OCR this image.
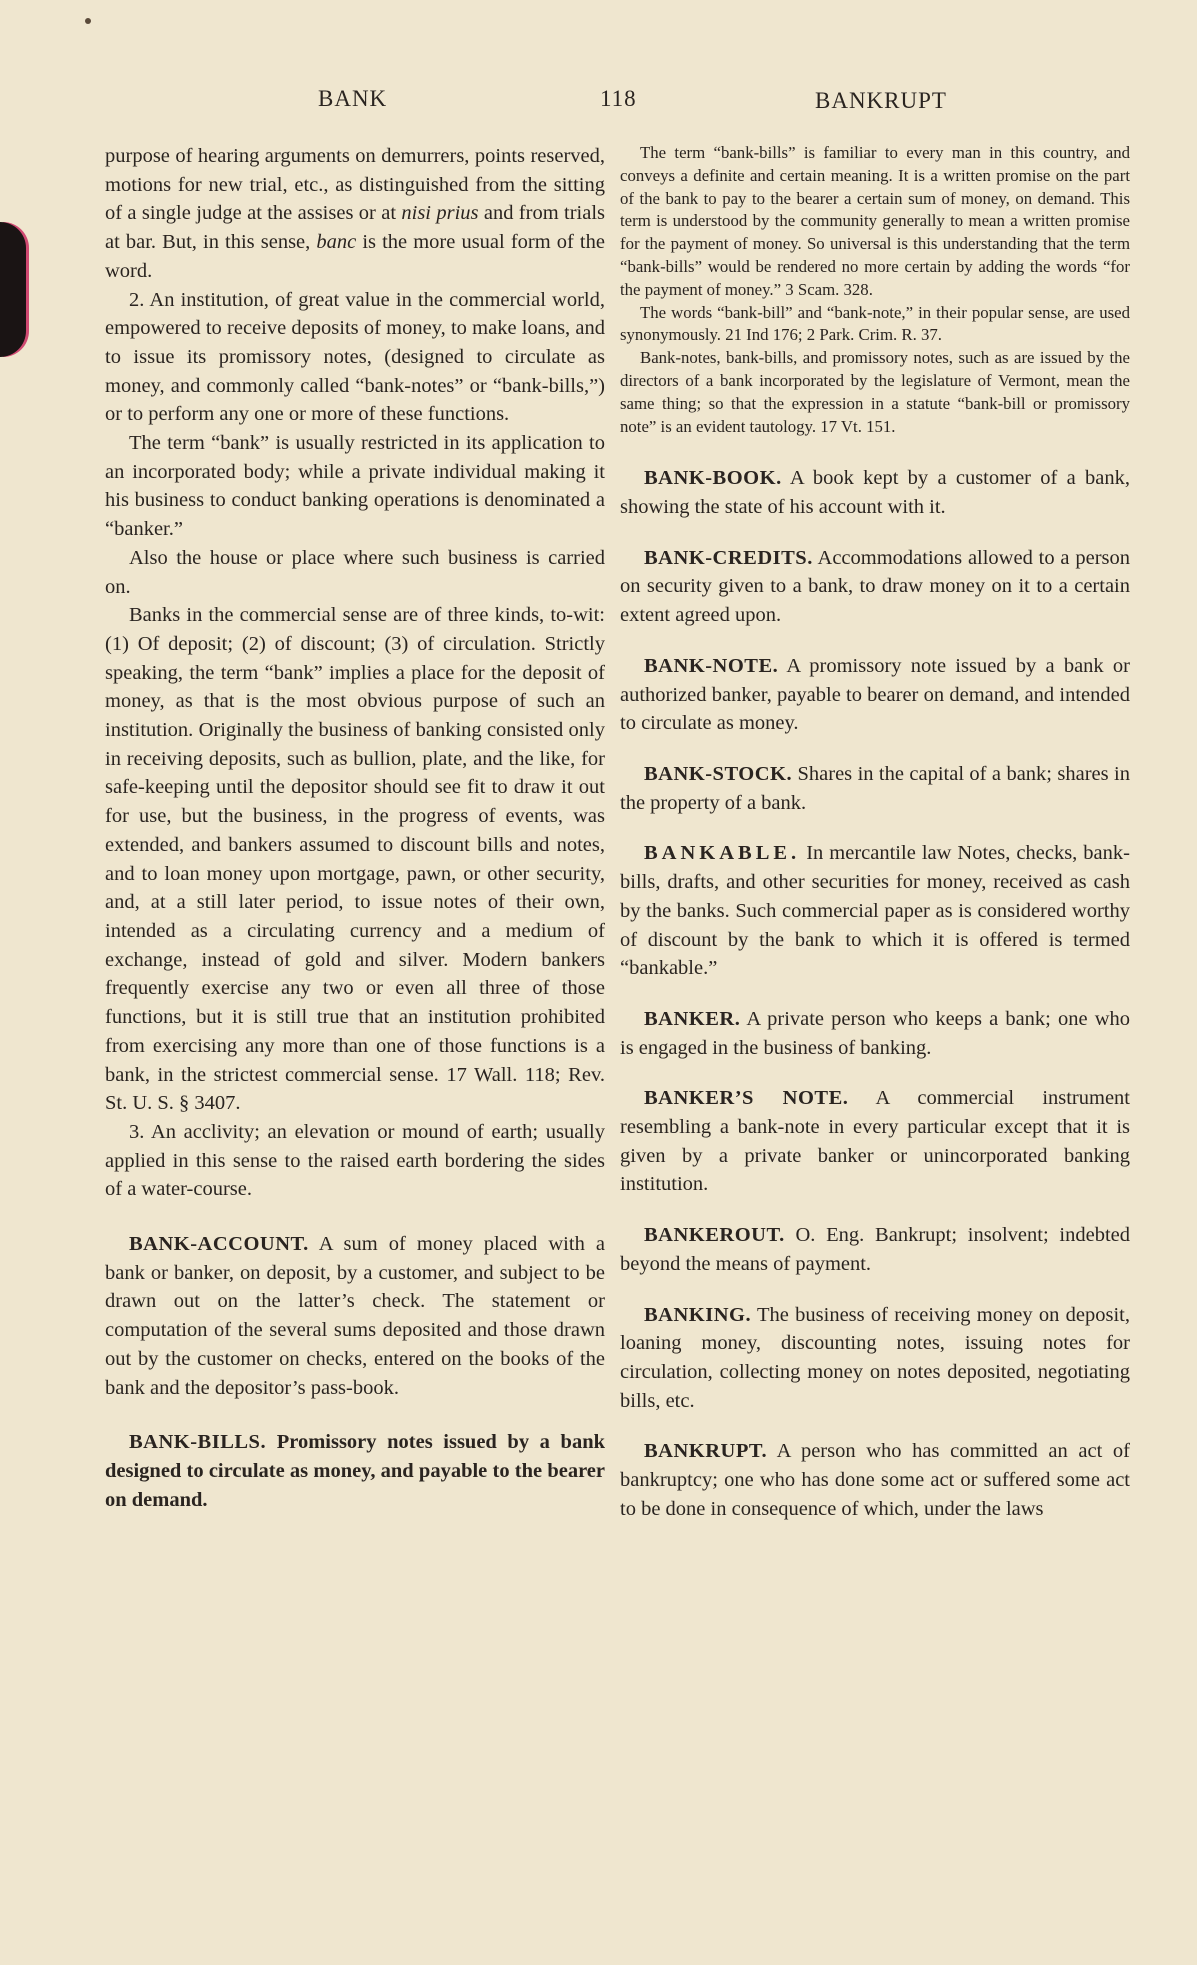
BANK	118	BANKRUPT

purpose of hearing arguments on demurrers, points reserved, motions for new trial, etc., as distinguished from the sitting of a single judge at the assises or at nisi prius and from trials at bar. But, in this sense, banc is the more usual form of the word.

2. An institution, of great value in the commercial world, empowered to receive deposits of money, to make loans, and to issue its promissory notes, (designed to circulate as money, and commonly called “bank-notes” or “bank-bills,”) or to perform any one or more of these functions.

The term “bank” is usually restricted in its application to an incorporated body; while a private individual making it his business to conduct banking operations is denominated a “banker.”

Also the house or place where such business is carried on.

Banks in the commercial sense are of three kinds, to-wit: (1) Of deposit; (2) of discount; (3) of circulation. Strictly speaking, the term “bank” implies a place for the deposit of money, as that is the most obvious purpose of such an institution. Originally the business of banking consisted only in receiving deposits, such as bullion, plate, and the like, for safe-keeping until the depositor should see fit to draw it out for use, but the business, in the progress of events, was extended, and bankers assumed to discount bills and notes, and to loan money upon mortgage, pawn, or other security, and, at a still later period, to issue notes of their own, intended as a circulating currency and a medium of exchange, instead of gold and silver. Modern bankers frequently exercise any two or even all three of those functions, but it is still true that an institution prohibited from exercising any more than one of those functions is a bank, in the strictest commercial sense. 17 Wall. 118; Rev. St. U. S. § 3407.

3. An acclivity; an elevation or mound of earth; usually applied in this sense to the raised earth bordering the sides of a water-course.

BANK-ACCOUNT. A sum of money placed with a bank or banker, on deposit, by a customer, and subject to be drawn out on the latter’s check. The statement or computation of the several sums deposited and those drawn out by the customer on checks, entered on the books of the bank and the depositor’s pass-book.

BANK-BILLS. Promissory notes issued by a bank designed to circulate as money, and payable to the bearer on demand.

The term “bank-bills” is familiar to every man in this country, and conveys a definite and certain meaning. It is a written promise on the part of the bank to pay to the bearer a certain sum of money, on demand. This term is understood by the community generally to mean a written promise for the payment of money. So universal is this understanding that the term “bank-bills” would be rendered no more certain by adding the words “for the payment of money.” 3 Scam. 328.

The words “bank-bill” and “bank-note,” in their popular sense, are used synonymously. 21 Ind 176; 2 Park. Crim. R. 37.

Bank-notes, bank-bills, and promissory notes, such as are issued by the directors of a bank incorporated by the legislature of Vermont, mean the same thing; so that the expression in a statute “bank-bill or promissory note” is an evident tautology. 17 Vt. 151.

BANK-BOOK. A book kept by a customer of a bank, showing the state of his account with it.

BANK-CREDITS. Accommodations allowed to a person on security given to a bank, to draw money on it to a certain extent agreed upon.

BANK-NOTE. A promissory note issued by a bank or authorized banker, payable to bearer on demand, and intended to circulate as money.

BANK-STOCK. Shares in the capital of a bank; shares in the property of a bank.

BANKABLE. In mercantile law Notes, checks, bank-bills, drafts, and other securities for money, received as cash by the banks. Such commercial paper as is considered worthy of discount by the bank to which it is offered is termed “bankable.”

BANKER. A private person who keeps a bank; one who is engaged in the business of banking.

BANKER’S NOTE. A commercial instrument resembling a bank-note in every particular except that it is given by a private banker or unincorporated banking institution.

BANKEROUT. O. Eng. Bankrupt; insolvent; indebted beyond the means of payment.

BANKING. The business of receiving money on deposit, loaning money, discounting notes, issuing notes for circulation, collecting money on notes deposited, negotiating bills, etc.

BANKRUPT. A person who has committed an act of bankruptcy; one who has done some act or suffered some act to be done in consequence of which, under the laws
